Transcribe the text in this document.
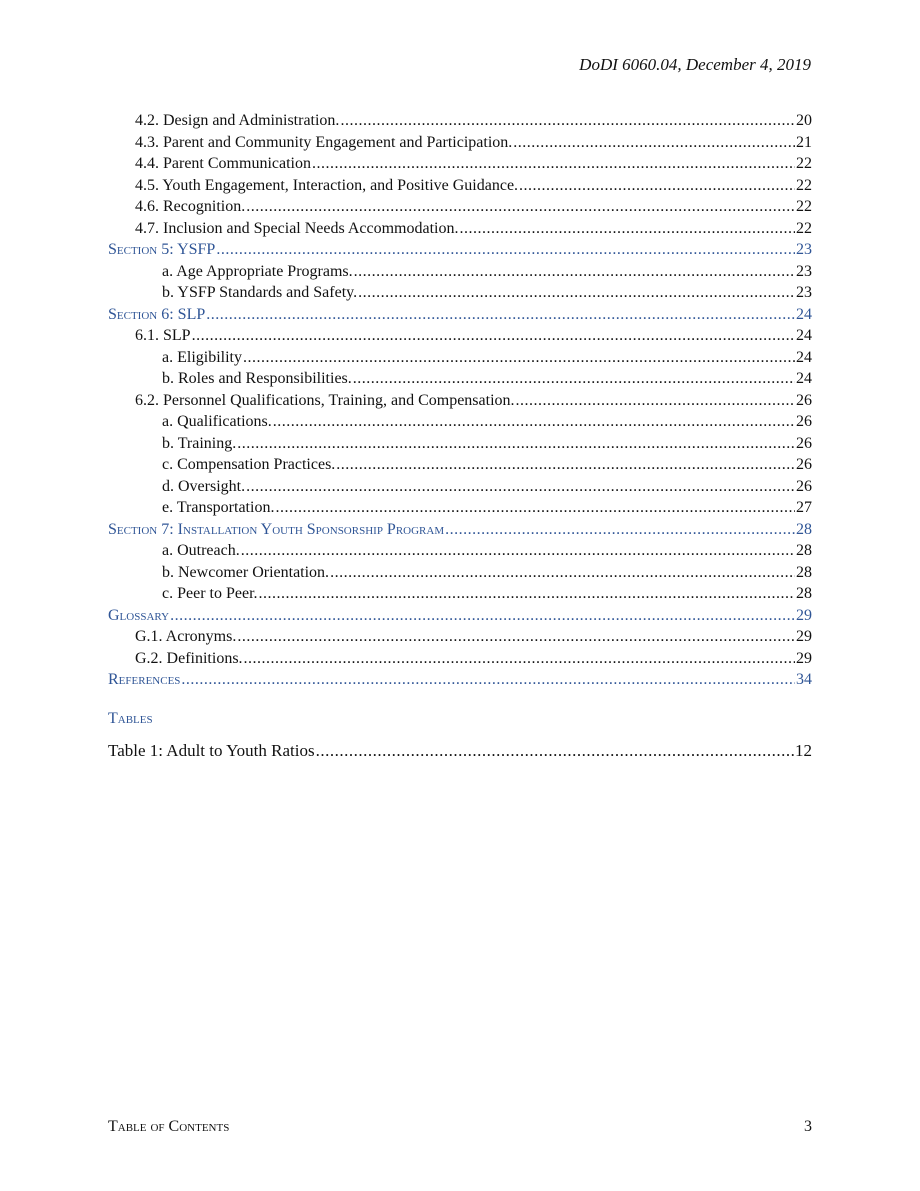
DoDI 6060.04, December 4, 2019
4.2. Design and Administration. .....	20
4.3. Parent and Community Engagement and Participation. .....	21
4.4. Parent Communication .....	22
4.5. Youth Engagement, Interaction, and Positive Guidance. .....	22
4.6. Recognition. .....	22
4.7. Inclusion and Special Needs Accommodation. .....	22
Section 5: YSFP .....	23
a. Age Appropriate Programs. .....	23
b. YSFP Standards and Safety. .....	23
Section 6: SLP .....	24
6.1. SLP .....	24
a. Eligibility .....	24
b. Roles and Responsibilities. .....	24
6.2. Personnel Qualifications, Training, and Compensation. .....	26
a. Qualifications. .....	26
b. Training. .....	26
c. Compensation Practices. .....	26
d. Oversight. .....	26
e. Transportation. .....	27
Section 7: Installation Youth Sponsorship Program .....	28
a. Outreach. .....	28
b. Newcomer Orientation. .....	28
c. Peer to Peer. .....	28
Glossary .....	29
G.1. Acronyms. .....	29
G.2. Definitions. .....	29
References .....	34
Tables
Table 1: Adult to Youth Ratios .....	12
Table of Contents	3
